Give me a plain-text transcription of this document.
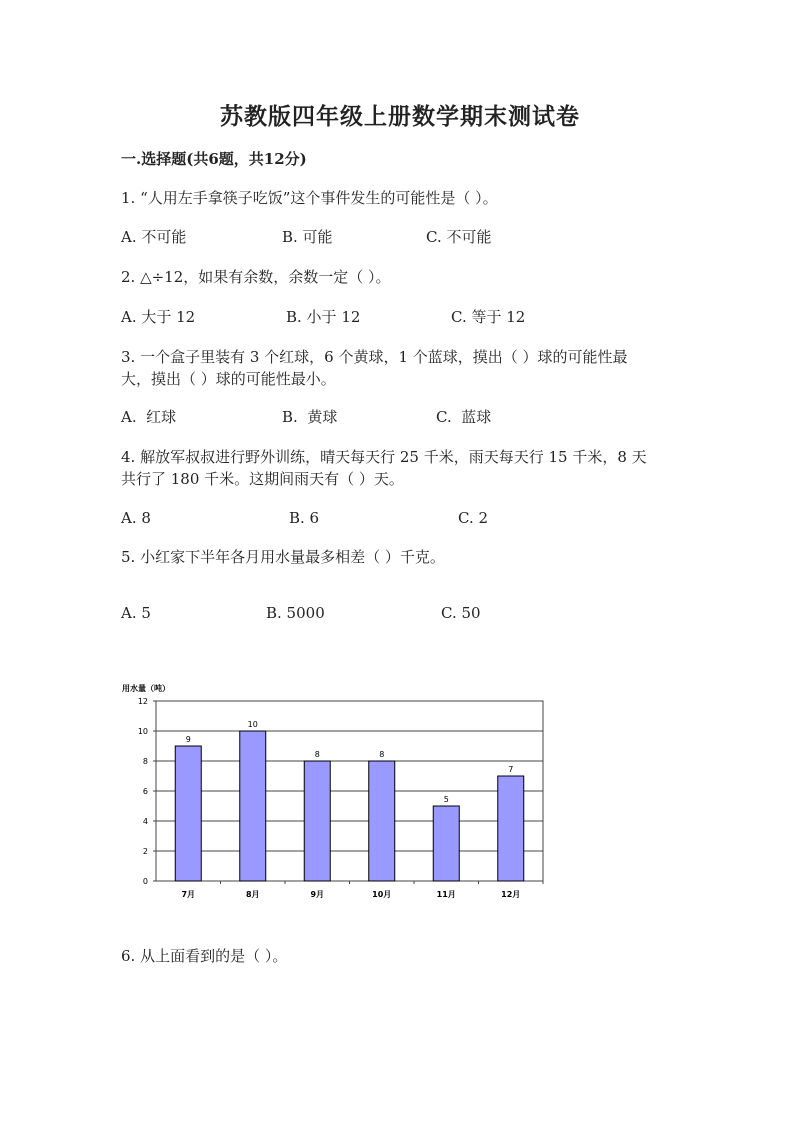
苏教版四年级上册数学期末测试卷
一.选择题(共6题，共12分)
1. “人用左手拿筷子吃饭”这个事件发生的可能性是（ ）。
A. 不可能	B. 可能	C. 不可能
2. △÷12，如果有余数，余数一定（ ）。
A. 大于 12	B. 小于 12	C. 等于 12
3. 一个盒子里装有 3 个红球，6 个黄球，1 个蓝球，摸出（ ）球的可能性最
大，摸出（ ）球的可能性最小。
A.  红球	B.  黄球	C.  蓝球
4. 解放军叔叔进行野外训练，晴天每天行 25 千米，雨天每天行 15 千米，8 天
共行了 180 千米。这期间雨天有（ ）天。
A. 8	B. 6	C. 2
5. 小红家下半年各月用水量最多相差（ ）千克。
A. 5	B. 5000	C. 50
用水量（吨）
0
2
4
6
8
10
12
9
7月
10
8月
8
9月
8
10月
5
11月
7
12月
6. 从上面看到的是（ ）。
